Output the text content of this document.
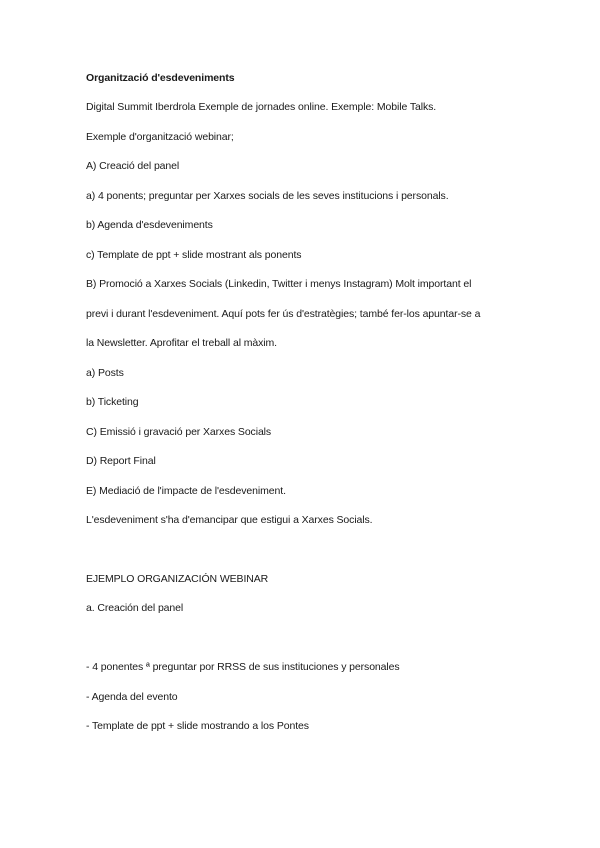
Organització d'esdeveniments
Digital Summit Iberdrola Exemple de jornades online. Exemple: Mobile Talks.
Exemple d'organització webinar;
A) Creació del panel
a) 4 ponents; preguntar per Xarxes socials de les seves institucions i personals.
b) Agenda d'esdeveniments
c) Template de ppt + slide mostrant als ponents
B) Promoció a Xarxes Socials (Linkedin, Twitter i menys Instagram) Molt important el
previ i durant l'esdeveniment. Aquí pots fer ús d'estratègies; també fer-los apuntar-se a
la Newsletter. Aprofitar el treball al màxim.
a) Posts
b) Ticketing
C) Emissió i gravació per Xarxes Socials
D) Report Final
E) Mediació de l'impacte de l'esdeveniment.
L'esdeveniment s'ha d'emancipar que estigui a Xarxes Socials.
EJEMPLO ORGANIZACIÓN WEBINAR
a. Creación del panel
- 4 ponentes ª preguntar por RRSS de sus instituciones y personales
- Agenda del evento
- Template de ppt + slide mostrando a los Pontes
